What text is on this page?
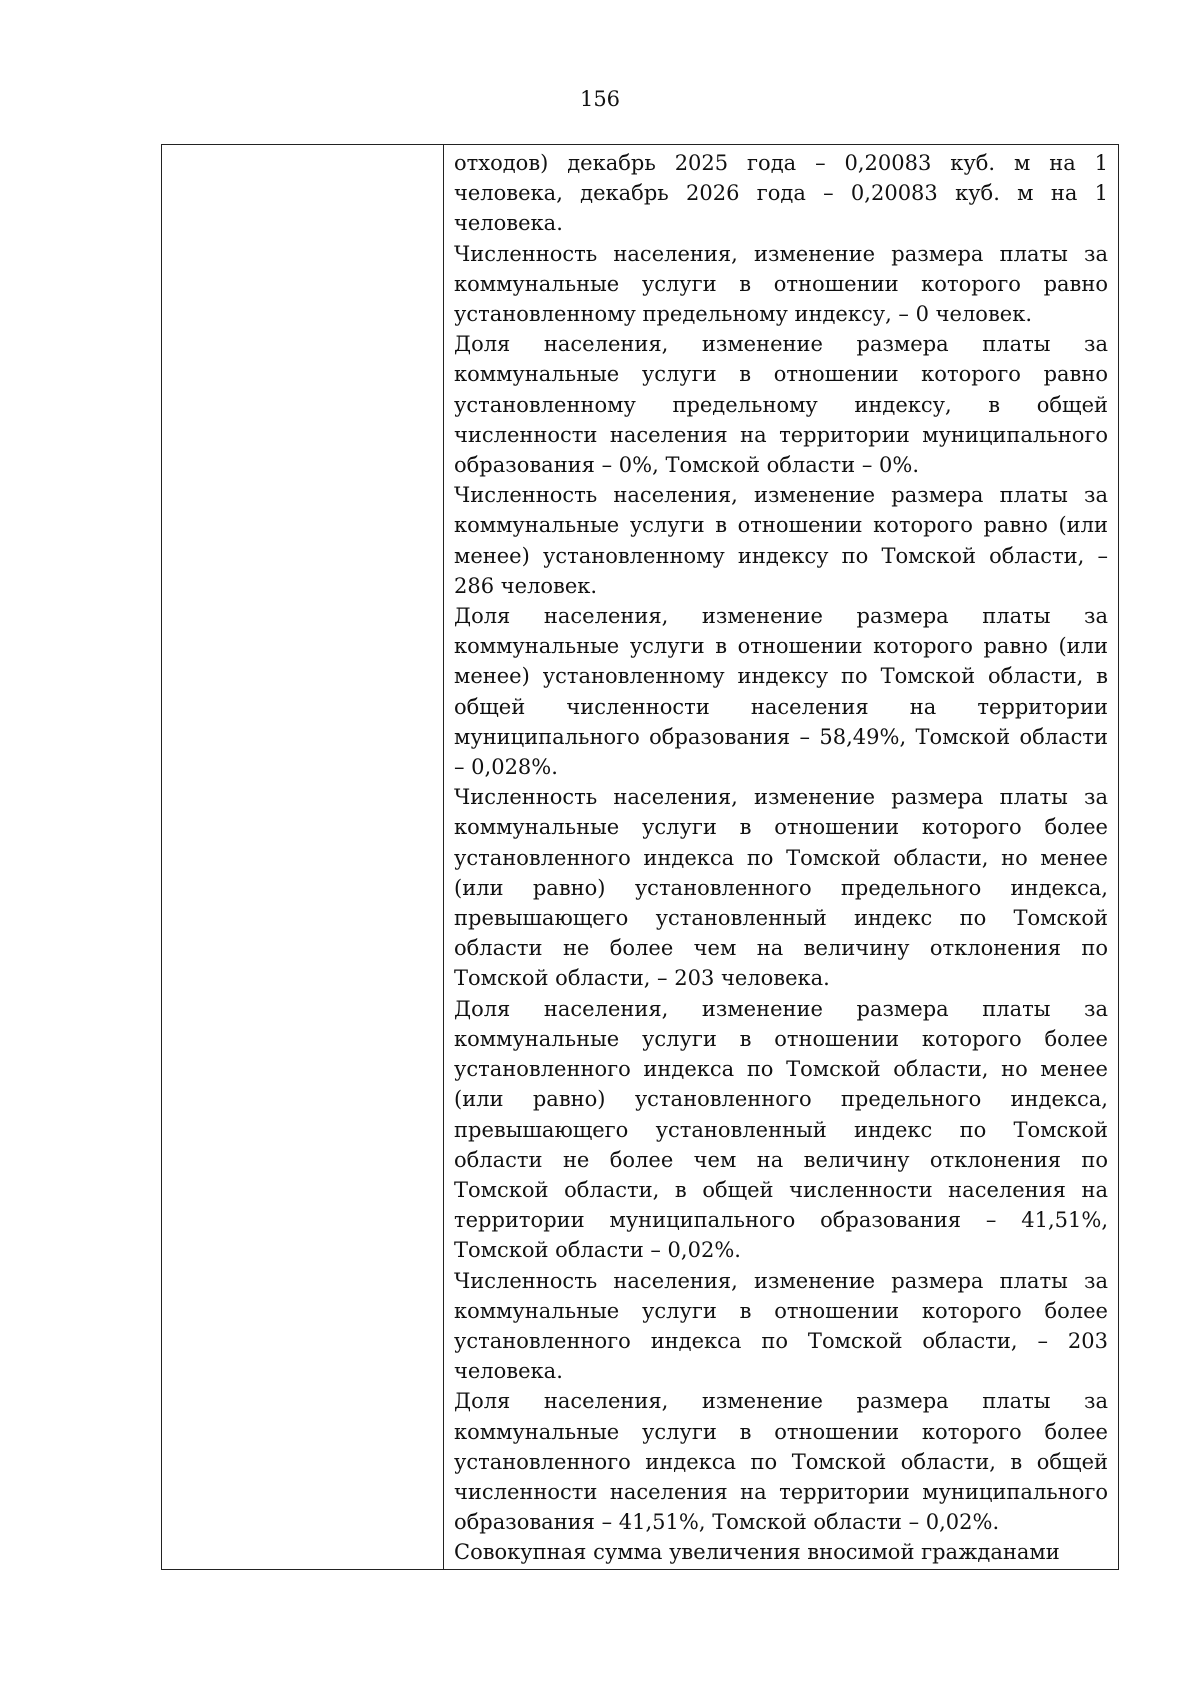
156

отходов) декабрь 2025 года – 0,20083 куб. м на 1 человека, декабрь 2026 года – 0,20083 куб. м на 1 человека.

Численность населения, изменение размера платы за коммунальные услуги в отношении которого равно установленному предельному индексу, – 0 человек.

Доля населения, изменение размера платы за коммунальные услуги в отношении которого равно установленному предельному индексу, в общей численности населения на территории муниципального образования – 0%, Томской области – 0%.

Численность населения, изменение размера платы за коммунальные услуги в отношении которого равно (или менее) установленному индексу по Томской области, – 286 человек.

Доля населения, изменение размера платы за коммунальные услуги в отношении которого равно (или менее) установленному индексу по Томской области, в общей численности населения на территории муниципального образования – 58,49%, Томской области – 0,028%.

Численность населения, изменение размера платы за коммунальные услуги в отношении которого более установленного индекса по Томской области, но менее (или равно) установленного предельного индекса, превышающего установленный индекс по Томской области не более чем на величину отклонения по Томской области, – 203 человека.

Доля населения, изменение размера платы за коммунальные услуги в отношении которого более установленного индекса по Томской области, но менее (или равно) установленного предельного индекса, превышающего установленный индекс по Томской области не более чем на величину отклонения по Томской области, в общей численности населения на территории муниципального образования – 41,51%, Томской области – 0,02%.

Численность населения, изменение размера платы за коммунальные услуги в отношении которого более установленного индекса по Томской области, – 203 человека.

Доля населения, изменение размера платы за коммунальные услуги в отношении которого более установленного индекса по Томской области, в общей численности населения на территории муниципального образования – 41,51%, Томской области – 0,02%.

Совокупная сумма увеличения вносимой гражданами
